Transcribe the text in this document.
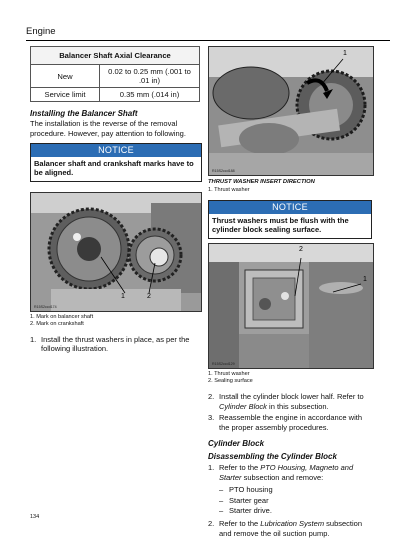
Engine
Balancer Shaft Axial Clearance	
New	0.02 to 0.25 mm (.001 to .01 in)
Service limit	0.35 mm (.014 in)
Installing the Balancer Shaft

The installation is the reverse of the removal procedure. However, pay attention to following.

NOTICE
Balancer shaft and crankshaft marks have to be aligned.
1	2
R15S2ccd174
1. Mark on balancer shaft
2. Mark on crankshaft
1. Install the thrust washers in place, as per the following illustration.
1
R15S2ccd188
THRUST WASHER INSERT DIRECTION
1. Thrust washer
NOTICE
Thrust washers must be flush with the cylinder block sealing surface.
2
1
R15S2ccd129
1. Thrust washer
2. Sealing surface
2. Install the cylinder block lower half. Refer to Cylinder Block in this subsection.
3. Reassemble the engine in accordance with the proper assembly procedures.
Cylinder Block
Disassembling the Cylinder Block
1. Refer to the PTO Housing, Magneto and Starter subsection and remove:
– PTO housing
– Starter gear
– Starter drive.
2. Refer to the Lubrication System subsection and remove the oil suction pump.
134
